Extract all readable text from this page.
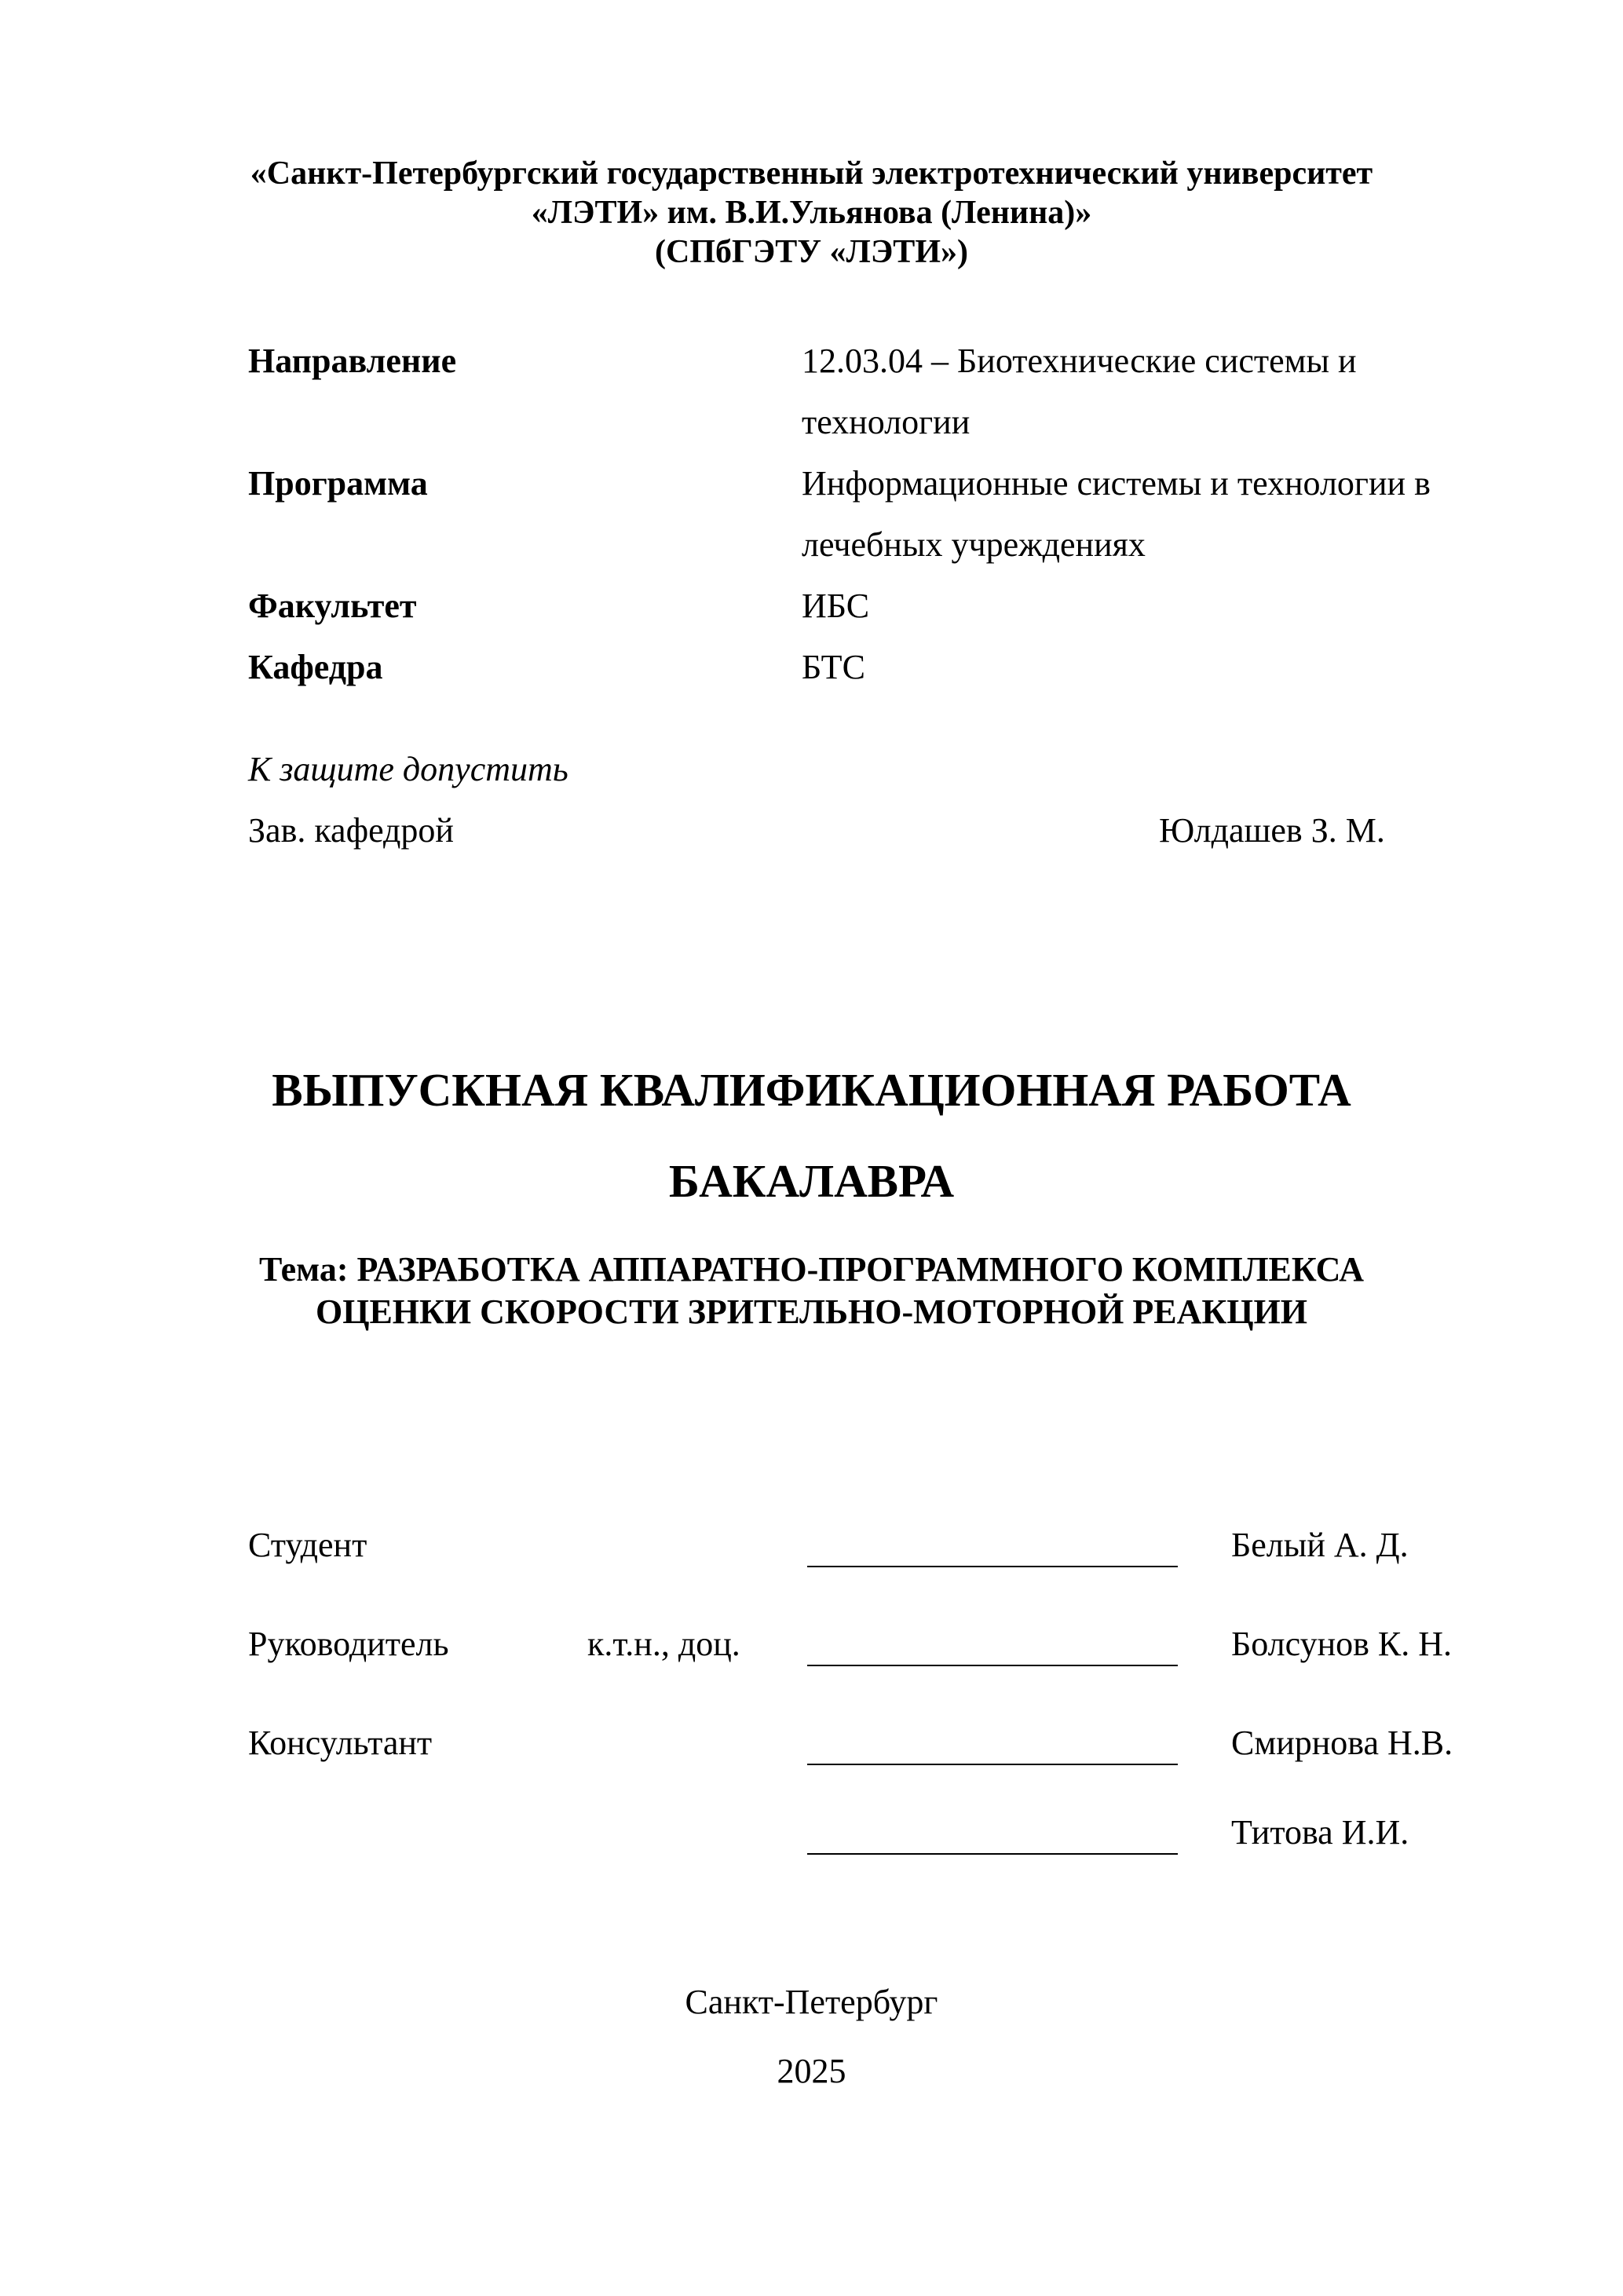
«Санкт-Петербургский государственный электротехнический университет
«ЛЭТИ» им. В.И.Ульянова (Ленина)»
(СПбГЭТУ «ЛЭТИ»)
Направление	12.03.04 – Биотехнические системы и
технологии
Программа	Информационные системы и технологии в
лечебных учреждениях
Факультет	ИБС
Кафедра	БТС
К защите допустить
Зав. кафедрой	Юлдашев З. М.
ВЫПУСКНАЯ КВАЛИФИКАЦИОННАЯ РАБОТА
БАКАЛАВРА
Тема: РАЗРАБОТКА АППАРАТНО-ПРОГРАММНОГО КОМПЛЕКСА
ОЦЕНКИ СКОРОСТИ ЗРИТЕЛЬНО-МОТОРНОЙ РЕАКЦИИ
Студент	Белый А. Д.
Руководитель	к.т.н., доц.	Болсунов К. Н.
Консультант	Смирнова Н.В.
Титова И.И.
Санкт-Петербург
2025
